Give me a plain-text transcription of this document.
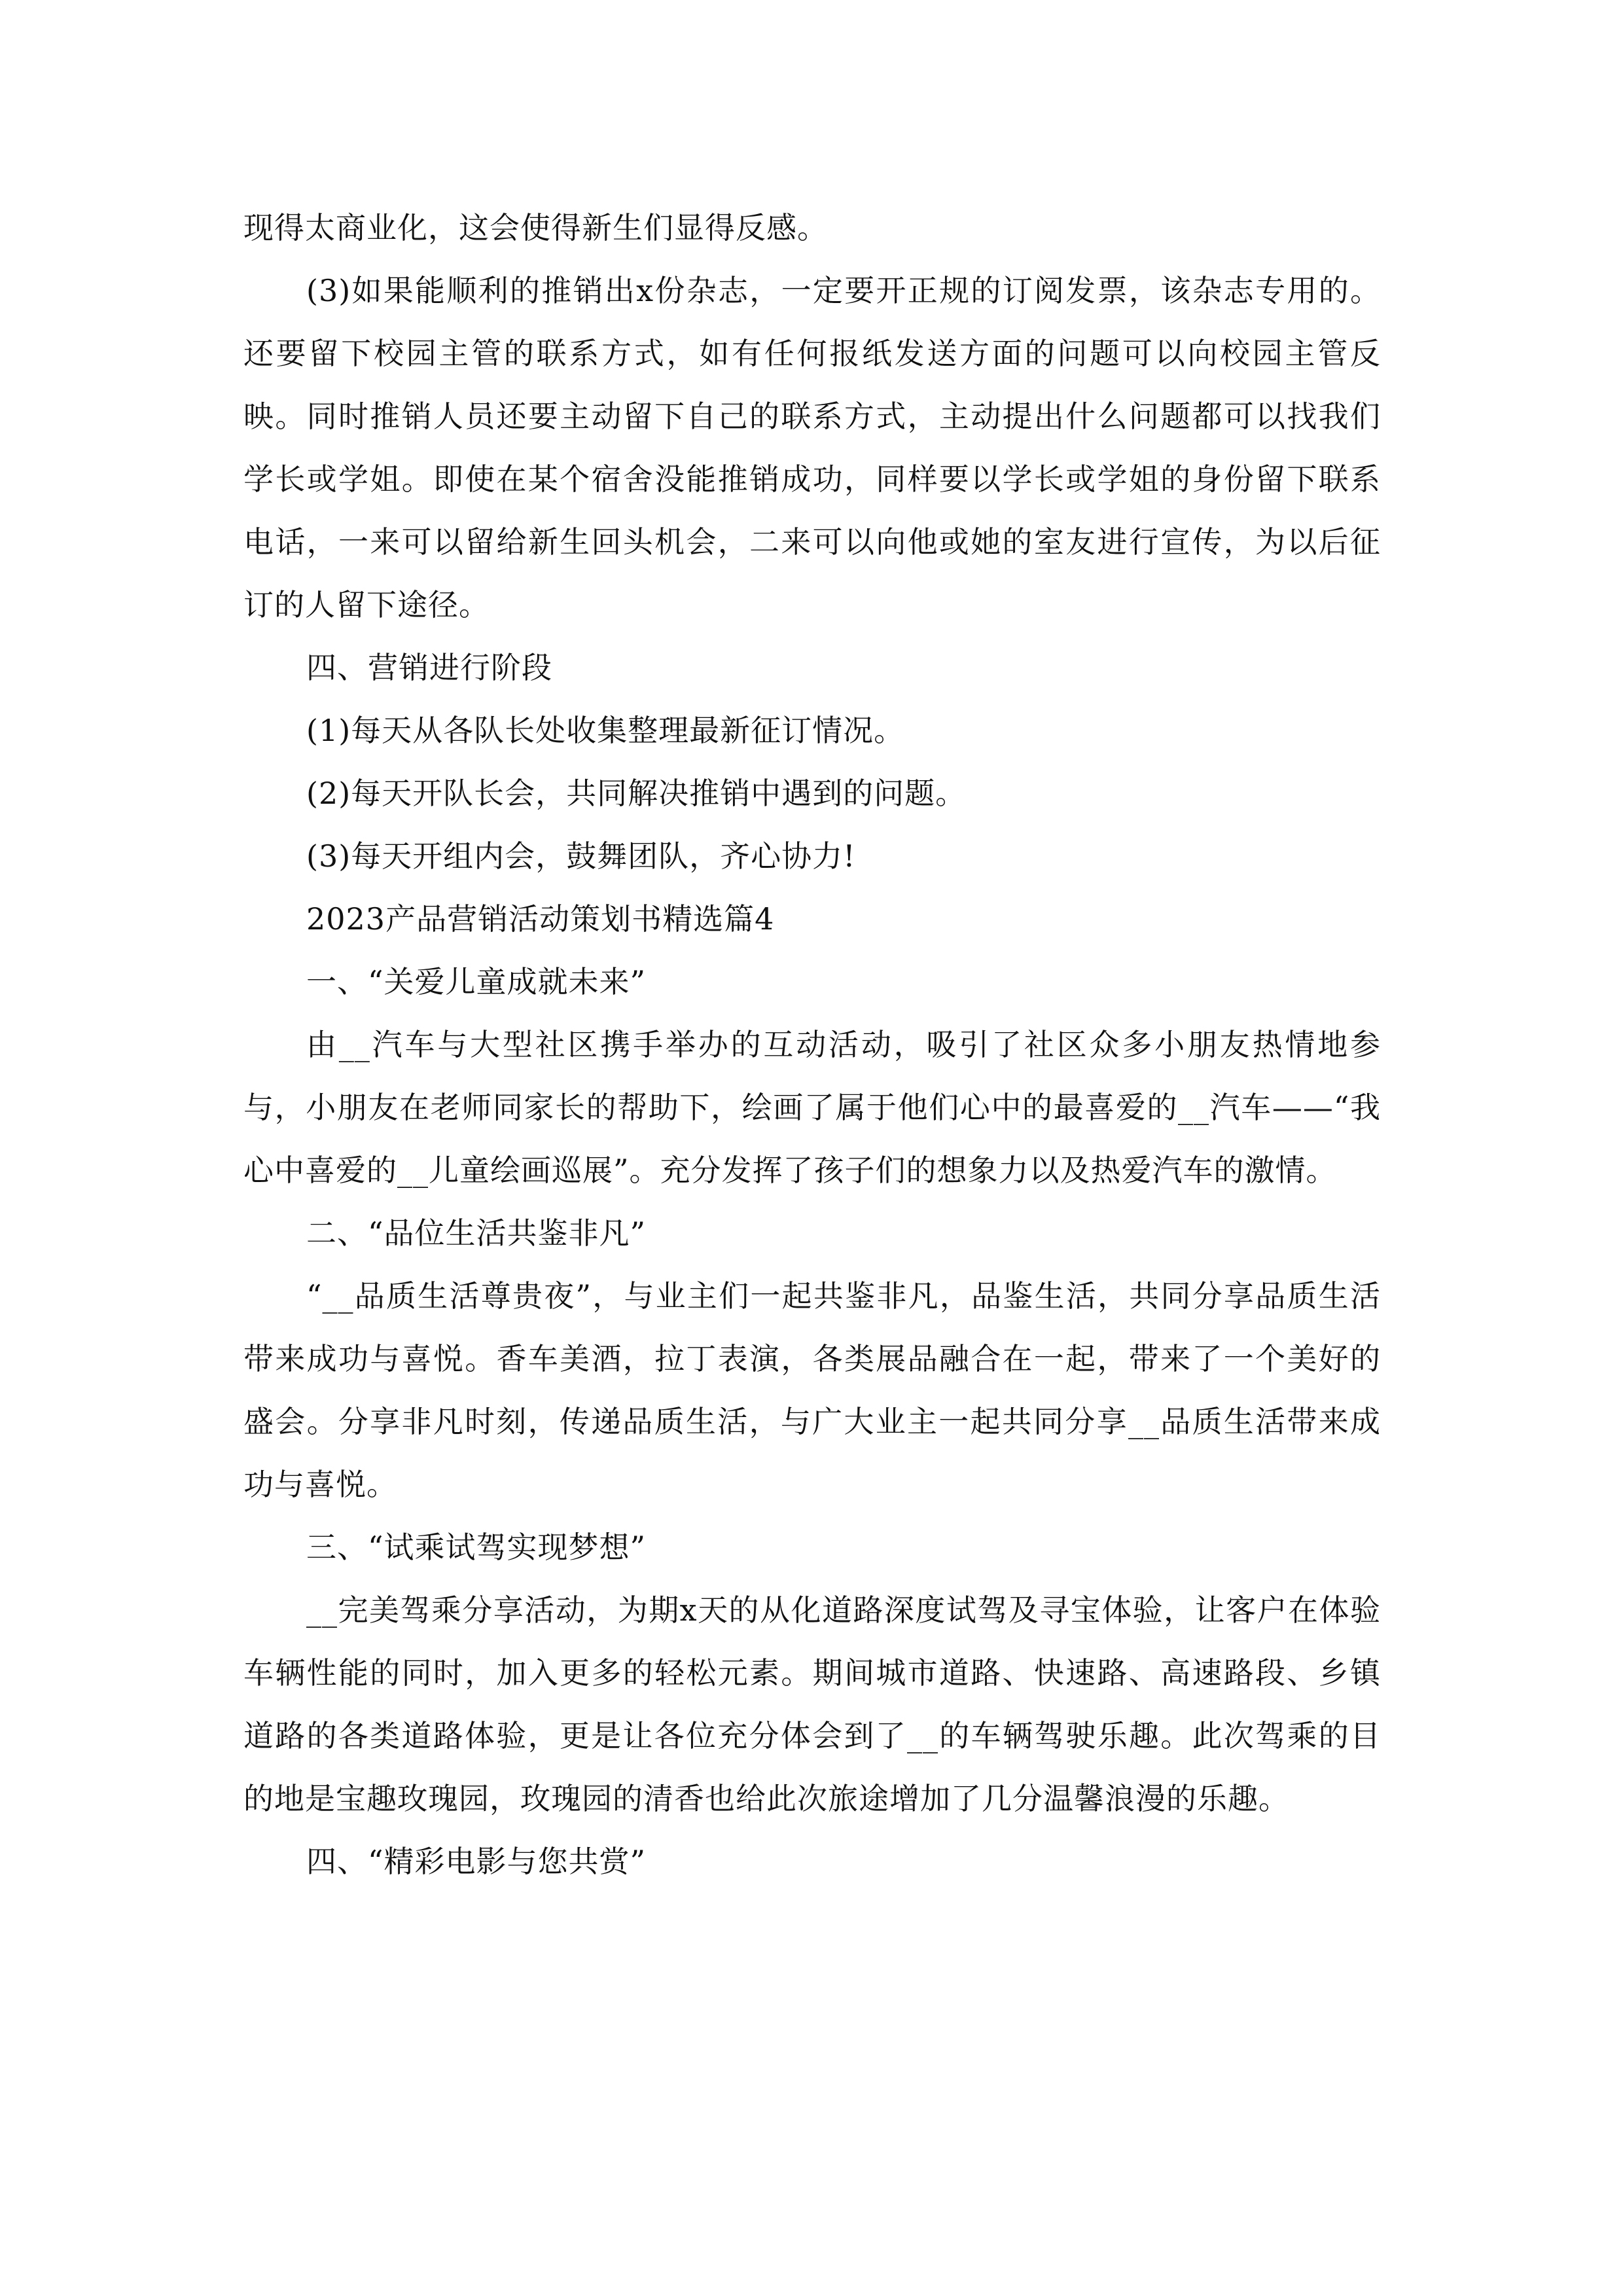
现得太商业化，这会使得新生们显得反感。

(3)如果能顺利的推销出x份杂志，一定要开正规的订阅发票，该杂志专用的。还要留下校园主管的联系方式，如有任何报纸发送方面的问题可以向校园主管反映。同时推销人员还要主动留下自己的联系方式，主动提出什么问题都可以找我们学长或学姐。即使在某个宿舍没能推销成功，同样要以学长或学姐的身份留下联系电话，一来可以留给新生回头机会，二来可以向他或她的室友进行宣传，为以后征订的人留下途径。

四、营销进行阶段

(1)每天从各队长处收集整理最新征订情况。

(2)每天开队长会，共同解决推销中遇到的问题。

(3)每天开组内会，鼓舞团队，齐心协力!

2023产品营销活动策划书精选篇4

一、“关爱儿童成就未来”

由__汽车与大型社区携手举办的互动活动，吸引了社区众多小朋友热情地参与，小朋友在老师同家长的帮助下，绘画了属于他们心中的最喜爱的__汽车——“我心中喜爱的__儿童绘画巡展”。充分发挥了孩子们的想象力以及热爱汽车的激情。

二、“品位生活共鉴非凡”

“__品质生活尊贵夜”，与业主们一起共鉴非凡，品鉴生活，共同分享品质生活带来成功与喜悦。香车美酒，拉丁表演，各类展品融合在一起，带来了一个美好的盛会。分享非凡时刻，传递品质生活，与广大业主一起共同分享__品质生活带来成功与喜悦。

三、“试乘试驾实现梦想”

__完美驾乘分享活动，为期x天的从化道路深度试驾及寻宝体验，让客户在体验车辆性能的同时，加入更多的轻松元素。期间城市道路、快速路、高速路段、乡镇道路的各类道路体验，更是让各位充分体会到了__的车辆驾驶乐趣。此次驾乘的目的地是宝趣玫瑰园，玫瑰园的清香也给此次旅途增加了几分温馨浪漫的乐趣。

四、“精彩电影与您共赏”
